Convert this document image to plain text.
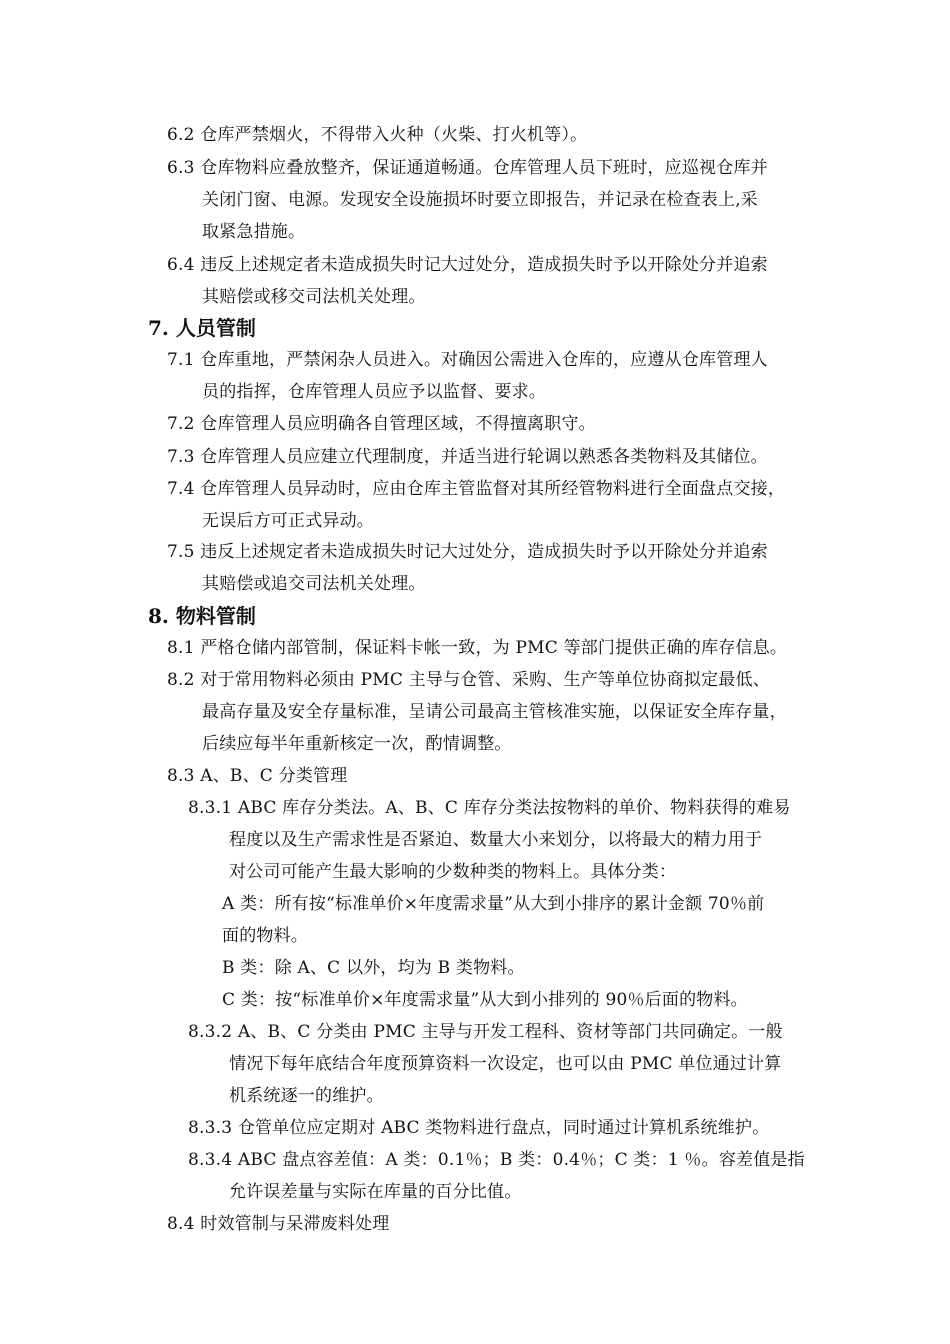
6.2 仓库严禁烟火，不得带入火种（火柴、打火机等）。
6.3 仓库物料应叠放整齐，保证通道畅通。仓库管理人员下班时，应巡视仓库并
关闭门窗、电源。发现安全设施损坏时要立即报告，并记录在检查表上,采
取紧急措施。
6.4 违反上述规定者未造成损失时记大过处分，造成损失时予以开除处分并追索
其赔偿或移交司法机关处理。
7. 人员管制
7.1 仓库重地，严禁闲杂人员进入。对确因公需进入仓库的，应遵从仓库管理人
员的指挥，仓库管理人员应予以监督、要求。
7.2 仓库管理人员应明确各自管理区域，不得擅离职守。
7.3 仓库管理人员应建立代理制度，并适当进行轮调以熟悉各类物料及其储位。
7.4 仓库管理人员异动时，应由仓库主管监督对其所经管物料进行全面盘点交接，
无误后方可正式异动。
7.5 违反上述规定者未造成损失时记大过处分，造成损失时予以开除处分并追索
其赔偿或追交司法机关处理。
8. 物料管制
8.1 严格仓储内部管制，保证料卡帐一致，为 PMC 等部门提供正确的库存信息。
8.2 对于常用物料必须由 PMC 主导与仓管、采购、生产等单位协商拟定最低、
最高存量及安全存量标准，呈请公司最高主管核准实施，以保证安全库存量，
后续应每半年重新核定一次，酌情调整。
8.3 A、B、C 分类管理
8.3.1 ABC 库存分类法。A、B、C 库存分类法按物料的单价、物料获得的难易
程度以及生产需求性是否紧迫、数量大小来划分，以将最大的精力用于
对公司可能产生最大影响的少数种类的物料上。具体分类：
A 类：所有按“标准单价×年度需求量”从大到小排序的累计金额 70％前
面的物料。
B 类：除 A、C 以外，均为 B 类物料。
C 类：按“标准单价×年度需求量”从大到小排列的 90％后面的物料。
8.3.2 A、B、C 分类由 PMC 主导与开发工程科、资材等部门共同确定。一般
情况下每年底结合年度预算资料一次设定，也可以由 PMC 单位通过计算
机系统逐一的维护。
8.3.3 仓管单位应定期对 ABC 类物料进行盘点，同时通过计算机系统维护。
8.3.4 ABC 盘点容差值：A 类：0.1％；B 类：0.4％；C 类：1 ％。容差值是指
允许误差量与实际在库量的百分比值。
8.4 时效管制与呆滞废料处理
